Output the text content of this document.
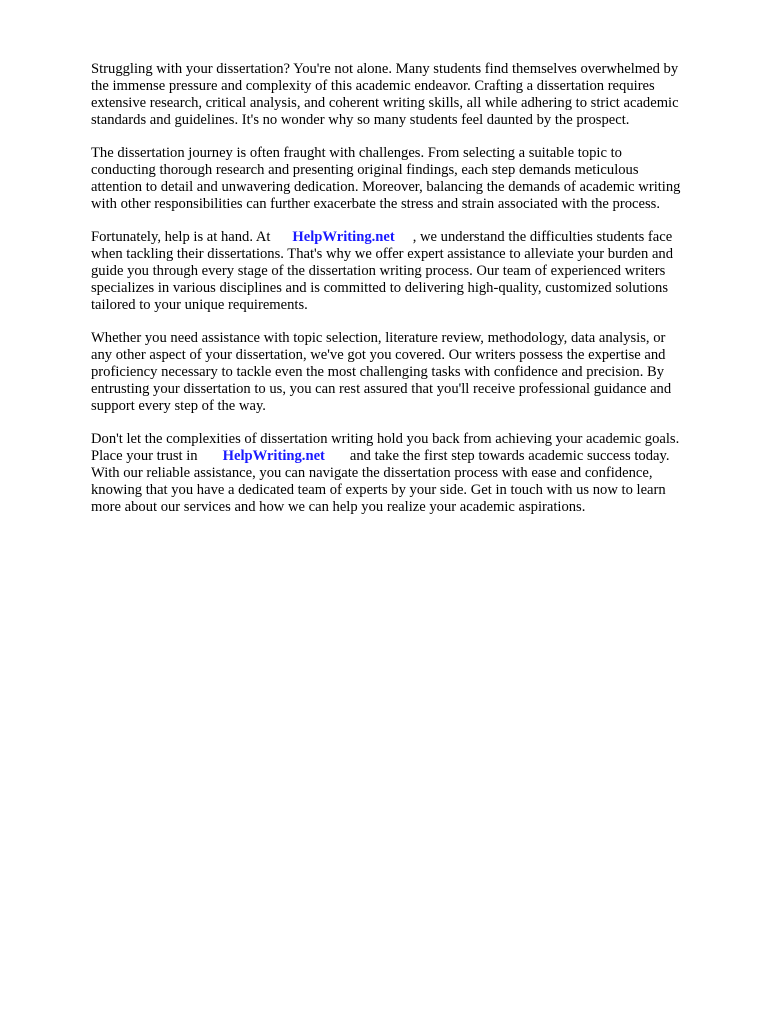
Struggling with your dissertation? You're not alone. Many students find themselves overwhelmed by
the immense pressure and complexity of this academic endeavor. Crafting a dissertation requires
extensive research, critical analysis, and coherent writing skills, all while adhering to strict academic
standards and guidelines. It's no wonder why so many students feel daunted by the prospect.

The dissertation journey is often fraught with challenges. From selecting a suitable topic to
conducting thorough research and presenting original findings, each step demands meticulous
attention to detail and unwavering dedication. Moreover, balancing the demands of academic writing
with other responsibilities can further exacerbate the stress and strain associated with the process.

Fortunately, help is at hand. At HelpWriting.net , we understand the difficulties students face
when tackling their dissertations. That's why we offer expert assistance to alleviate your burden and
guide you through every stage of the dissertation writing process. Our team of experienced writers
specializes in various disciplines and is committed to delivering high-quality, customized solutions
tailored to your unique requirements.

Whether you need assistance with topic selection, literature review, methodology, data analysis, or
any other aspect of your dissertation, we've got you covered. Our writers possess the expertise and
proficiency necessary to tackle even the most challenging tasks with confidence and precision. By
entrusting your dissertation to us, you can rest assured that you'll receive professional guidance and
support every step of the way.

Don't let the complexities of dissertation writing hold you back from achieving your academic goals.
Place your trust in HelpWriting.net and take the first step towards academic success today.
With our reliable assistance, you can navigate the dissertation process with ease and confidence,
knowing that you have a dedicated team of experts by your side. Get in touch with us now to learn
more about our services and how we can help you realize your academic aspirations.
